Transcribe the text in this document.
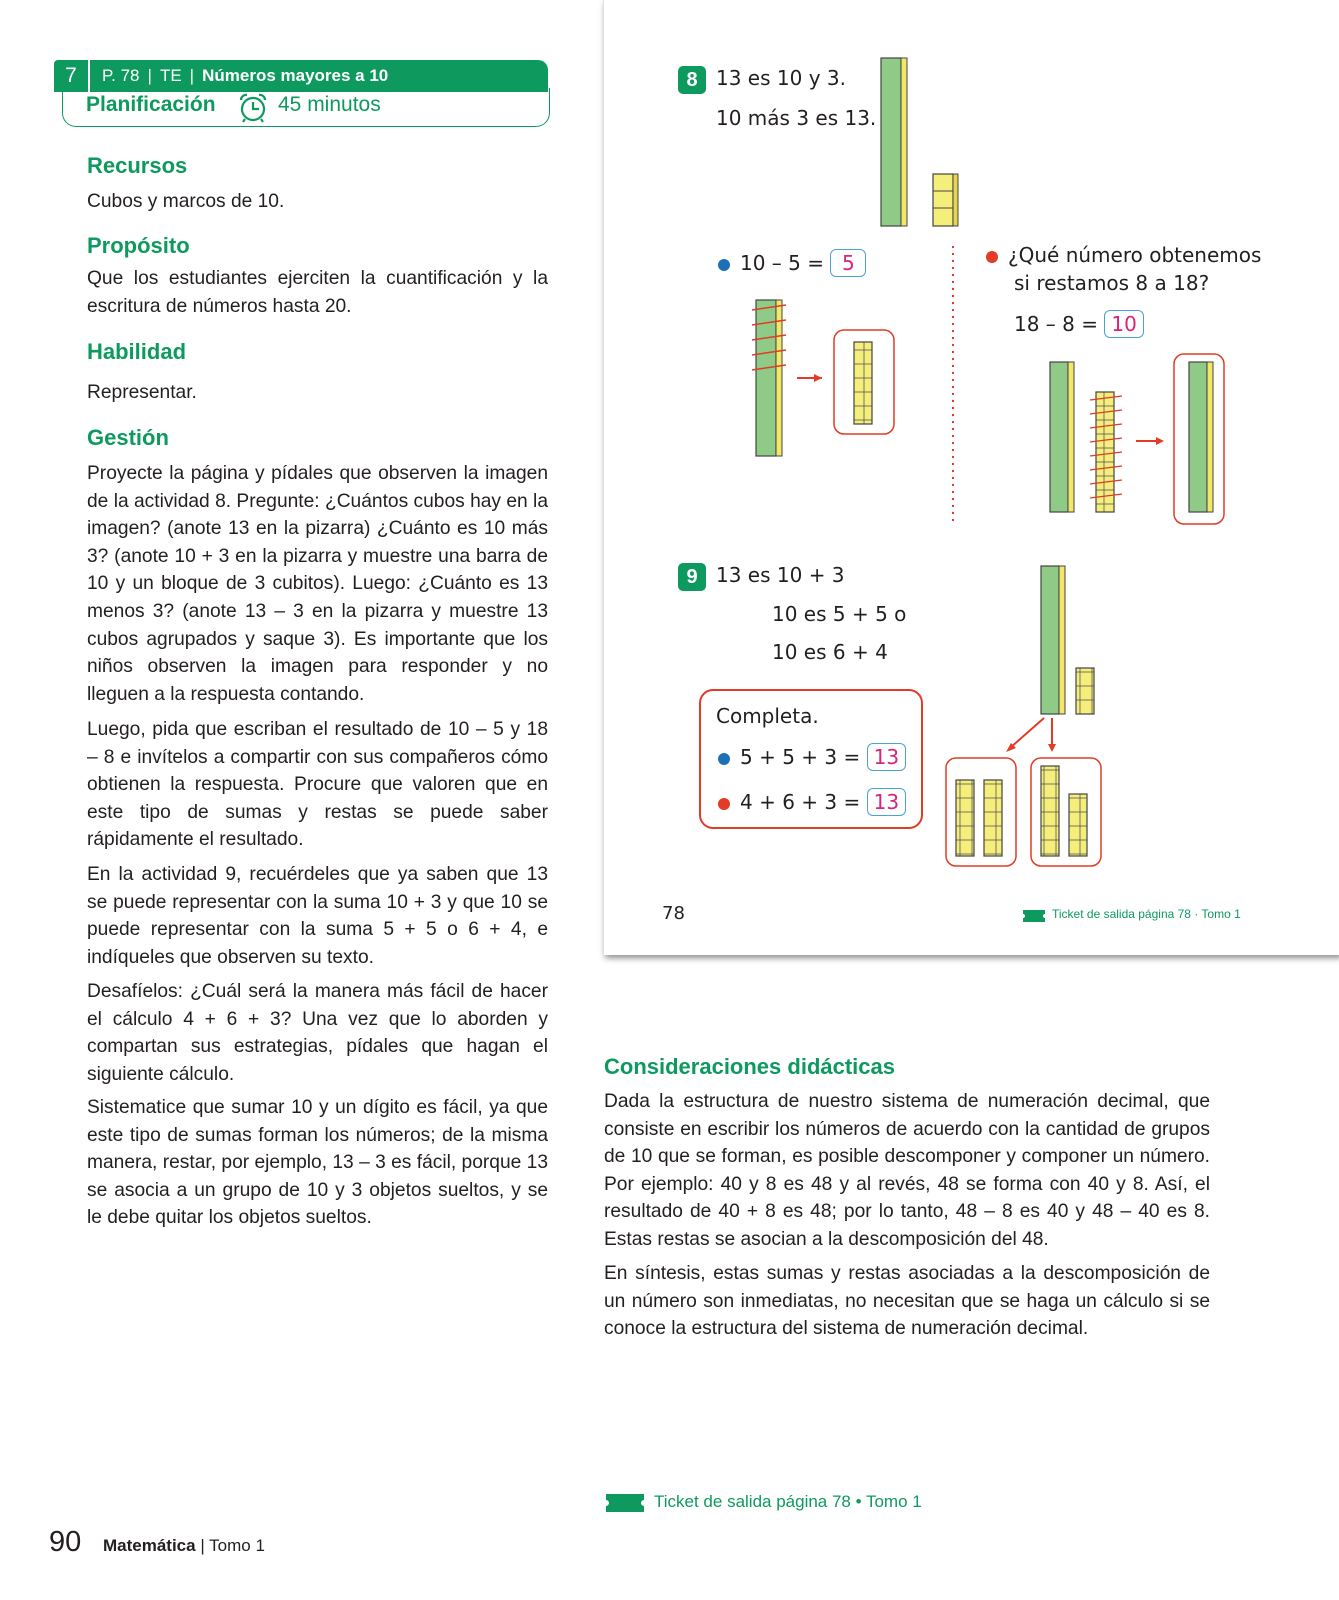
7	P. 78 | TE | Números mayores a 10
Planificación	45 minutos
Recursos
Cubos y marcos de 10.
Propósito
Que los estudiantes ejerciten la cuantificación y la escritura de números hasta 20.
Habilidad
Representar.
Gestión
Proyecte la página y pídales que observen la imagen de la actividad 8. Pregunte: ¿Cuántos cubos hay en la imagen? (anote 13 en la pizarra) ¿Cuánto es 10 más 3? (anote 10 + 3 en la pizarra y muestre una barra de 10 y un bloque de 3 cubitos). Luego: ¿Cuánto es 13 menos 3? (anote 13 – 3 en la pizarra y muestre 13 cubos agrupados y saque 3). Es importante que los niños observen la imagen para responder y no lleguen a la respuesta contando.
Luego, pida que escriban el resultado de 10 – 5 y 18 – 8 e invítelos a compartir con sus compañeros cómo obtienen la respuesta. Procure que valoren que en este tipo de sumas y restas se puede saber rápidamente el resultado.
En la actividad 9, recuérdeles que ya saben que 13 se puede representar con la suma 10 + 3 y que 10 se puede representar con la suma 5 + 5 o 6 + 4, e indíqueles que observen su texto.
Desafíelos: ¿Cuál será la manera más fácil de hacer el cálculo 4 + 6 + 3? Una vez que lo aborden y compartan sus estrategias, pídales que hagan el siguiente cálculo.
Sistematice que sumar 10 y un dígito es fácil, ya que este tipo de sumas forman los números; de la misma manera, restar, por ejemplo, 13 – 3 es fácil, porque 13 se asocia a un grupo de 10 y 3 objetos sueltos, y se le debe quitar los objetos sueltos.
8 13 es 10 y 3.
10 más 3 es 13.
10 – 5 = 5	¿Qué número obtenemos
si restamos 8 a 18?
18 – 8 = 10
9 13 es 10 + 3
10 es 5 + 5 o
10 es 6 + 4
Completa.
5 + 5 + 3 = 13
4 + 6 + 3 = 13
78	Ticket de salida página 78 · Tomo 1
Consideraciones didácticas
Dada la estructura de nuestro sistema de numeración decimal, que consiste en escribir los números de acuerdo con la cantidad de grupos de 10 que se forman, es posible descomponer y componer un número. Por ejemplo: 40 y 8 es 48 y al revés, 48 se forma con 40 y 8. Así, el resultado de 40 + 8 es 48; por lo tanto, 48 – 8 es 40 y 48 – 40 es 8. Estas restas se asocian a la descomposición del 48.
En síntesis, estas sumas y restas asociadas a la descomposición de un número son inmediatas, no necesitan que se haga un cálculo si se conoce la estructura del sistema de numeración decimal.
Ticket de salida página 78 • Tomo 1
90 Matemática | Tomo 1
